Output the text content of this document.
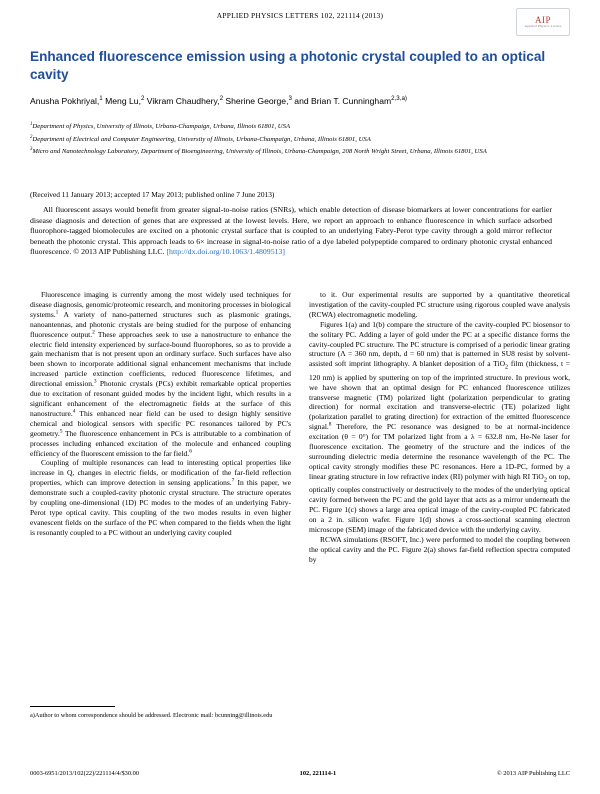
APPLIED PHYSICS LETTERS 102, 221114 (2013)	AIP
Applied Physics Letters
Enhanced fluorescence emission using a photonic crystal coupled to an optical cavity
Anusha Pokhriyal,$^1$ Meng Lu,$^2$ Vikram Chaudhery,$^2$ Sherine George,$^3$ and Brian T. Cunningham$^{2,3,a)}$

$^1$Department of Physics, University of Illinois, Urbana-Champaign, Urbana, Illinois 61801, USA

$^2$Department of Electrical and Computer Engineering, University of Illinois, Urbana-Champaign, Urbana, Illinois 61801, USA

$^3$Micro and Nanotechnology Laboratory, Department of Bioengineering, University of Illinois, Urbana-Champaign, 208 North Wright Street, Urbana, Illinois 61801, USA

(Received 11 January 2013; accepted 17 May 2013; published online 7 June 2013)
All fluorescent assays would benefit from greater signal-to-noise ratios (SNRs), which enable detection of disease biomarkers at lower concentrations for earlier disease diagnosis and detection of genes that are expressed at the lowest levels. Here, we report an approach to enhance fluorescence in which surface adsorbed fluorophore-tagged biomolecules are excited on a photonic crystal surface that is coupled to an underlying Fabry-Perot type cavity through a gold mirror reflector beneath the photonic crystal. This approach leads to 6× increase in signal-to-noise ratio of a dye labeled polypeptide compared to ordinary photonic crystal enhanced fluorescence. © 2013 AIP Publishing LLC. [http://dx.doi.org/10.1063/1.4809513]

Fluorescence imaging is currently among the most widely used techniques for disease diagnosis, genomic/proteomic research, and monitoring processes in biological systems.$^1$ A variety of nano-patterned structures such as plasmonic gratings, nanoantennas, and photonic crystals are being studied for the purpose of enhancing fluorescence output.$^2$ These approaches seek to use a nanostructure to enhance the electric field intensity experienced by surface-bound fluorophores, so as to provide a gain mechanism that is not present upon an ordinary surface. Such surfaces have also been shown to incorporate additional signal enhancement mechanisms that include increased particle extinction coefficients, reduced fluorescence lifetimes, and directional emission.$^3$ Photonic crystals (PCs) exhibit remarkable optical properties due to excitation of resonant guided modes by the incident light, which results in a significant enhancement of the electromagnetic fields at the surface of this nanostructure.$^4$ This enhanced near field can be used to design highly sensitive chemical and biological sensors with specific PC resonances tailored by PC's geometry.$^5$ The fluorescence enhancement in PCs is attributable to a combination of processes including enhanced excitation of the molecule and enhanced coupling efficiency of the fluorescent emission to the far field.$^6$

Coupling of multiple resonances can lead to interesting optical properties like increase in Q, changes in electric fields, or modification of the far-field reflection properties, which can improve detection in sensing applications.$^7$ In this paper, we demonstrate such a coupled-cavity photonic crystal structure. The structure operates by coupling one-dimensional (1D) PC modes to the modes of an underlying Fabry-Perot type optical cavity. This coupling of the two modes results in even higher evanescent fields on the surface of the PC when compared to the fields when the light is resonantly coupled to a PC without an underlying cavity coupled

to it. Our experimental results are supported by a quantitative theoretical investigation of the cavity-coupled PC structure using rigorous coupled wave analysis (RCWA) electromagnetic modeling.

Figures 1(a) and 1(b) compare the structure of the cavity-coupled PC biosensor to the solitary PC. Adding a layer of gold under the PC at a specific distance forms the cavity-coupled PC structure. The PC structure is comprised of a periodic linear grating structure (Λ = 360 nm, depth, d = 60 nm) that is patterned in SU8 resist by solvent-assisted soft imprint lithography. A blanket deposition of a TiO$_2$ film (thickness, t = 120 nm) is applied by sputtering on top of the imprinted structure. In previous work, we have shown that an optimal design for PC enhanced fluorescence utilizes transverse magnetic (TM) polarized light (polarization perpendicular to grating direction) for normal excitation and transverse-electric (TE) polarized light (polarization parallel to grating direction) for extraction of the emitted fluorescence signal.$^8$ Therefore, the PC resonance was designed to be at normal-incidence excitation (θ = 0°) for TM polarized light from a λ = 632.8 nm, He-Ne laser for fluorescence excitation. The geometry of the structure and the indices of the surrounding dielectric media determine the resonance wavelength of the PC. The optical cavity strongly modifies these PC resonances. Here a 1D-PC, formed by a linear grating structure in low refractive index (RI) polymer with high RI TiO$_2$ on top, optically couples constructively or destructively to the modes of the underlying optical cavity formed between the PC and the gold layer that acts as a mirror underneath the PC. Figure 1(c) shows a large area optical image of the cavity-coupled PC fabricated on a 2 in. silicon wafer. Figure 1(d) shows a cross-sectional scanning electron microscope (SEM) image of the fabricated device with the underlying cavity.

RCWA simulations (RSOFT, Inc.) were performed to model the coupling between the optical cavity and the PC. Figure 2(a) shows far-field reflection spectra computed by

a)Author to whom correspondence should be addressed. Electronic mail: bcunning@illinois.edu
0003-6951/2013/102(22)/221114/4/$30.00	102, 221114-1	© 2013 AIP Publishing LLC
